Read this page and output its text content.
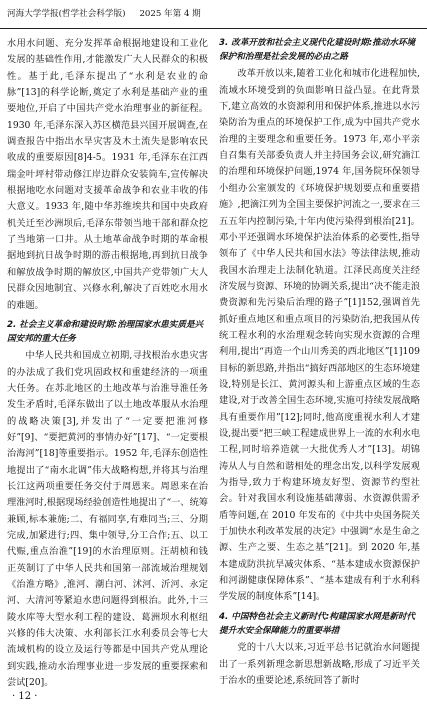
河海大学学报(哲学社会科学版) 2025 年第 4 期

水用水问题、充分发挥革命根据地建设和工业化发展的基础性作用,才能激发广大人民群众的积极性。基于此,毛泽东提出了“水利是农业的命脉”[13]的科学论断,奠定了水利是基础产业的重要地位,开启了中国共产党水治理事业的新征程。1930 年,毛泽东深入苏区横范县兴国开展调查,在调查报告中指出水旱灾害及木土流失是影响农民收成的重要原因[8]4-5。1931 年,毛泽东在江西瑞金叶坪村带动修江岸边群众安装筒车,宣传解决根据地吃水问题对支援革命战争和农业丰收的伟大意义。1933 年,随中华苏维埃共和国中央政府机关迁至沙洲坝后,毛泽东带领当地干部和群众挖了当地第一口井。从土地革命战争时期的革命根据地到抗日战争时期的游击根据地,再到抗日战争和解放战争时期的解放区,中国共产党带领广大人民群众因地制宜、兴修水利,解决了百姓吃水用水的难题。

2. 社会主义革命和建设时期:治理国家水患实质是兴国安邦的重大任务

中华人民共和国成立初期,寻找根治水患灾害的办法成了我们党巩固政权和重建经济的一项重大任务。在苏北地区的土地改革与治淮导淮任务发生矛盾时,毛泽东做出了以土地改革服从水治理的战略决策[3],并发出了“一定要把淮河修好”[9]、“要把黄河的事情办好”[17]、“一定要根治海河”[18]等重要指示。1952 年,毛泽东创造性地提出了“南水北调”伟大战略构想,并将其与治理长江这两项重要任务交付于周恩来。周恩来在治理淮河时,根据现场经验创造性地提出了“一、统筹兼顾,标本兼施;二、有福同享,有难同当;三、分期完成,加紧进行;四、集中领导,分工合作;五、以工代赈,重点治淮”[19]的水治理原则。汪胡桢和钱正英制订了中华人民共和国第一部流域治理规划《治淮方略》,淮河、潮白河、沭河、沂河、永定河、大清河等紧迫水患问题得到根治。此外,十三陵水库等大型水利工程的建设、葛洲坝水利枢纽兴修的伟大决策、水利部长江水利委员会等七大流域机构的设立及运行等都是中国共产党从理论到实践,推动水治理事业进一步发展的重要探索和尝试[20]。

3. 改革开放和社会主义现代化建设时期:推动水环境保护和治理是社会发展的必由之路

改革开放以来,随着工业化和城市化进程加快,流域水环境受到的负面影响日益凸显。在此背景下,建立高效的水资源利用和保护体系,推进以水污染防治为重点的环境保护工作,成为中国共产党水治理的主要理念和重要任务。1973 年,邓小平亲自召集有关部委负责人并主持国务会议,研究滴江的治理和环境保护问题,1974 年,国务院环保领导小组办公室颁发的《环境保护规划要点和重要措施》,把滴江列为全国主要保护河流之一,要求在三五五年内控制污染,十年内使污染得到根治[21]。邓小平还强调水环境保护法治体系的必要性,指导领布了《中华人民共和国水法》等法律法规,推动我国水治理走上法制化轨道。江泽民高度关注经济发展与资源、环境的协调关系,提出“决不能走浪费资源和先污染后治理的路子”[1]152,强调首先抓好重点地区和重点项目的污染防治,把我国从传统工程水利的水治理观念转向实现水资源的合理利用,提出“再造一个山川秀美的西北地区”[1]109目标的新思路,并指出“搞好西部地区的生态环境建设,特别是长江、黄河源头和上游重点区域的生态建设,对于改善全国生态环境,实施可持续发展战略具有重要作用”[12];同时,他高度重视水利人才建设,提出要“把三峡工程建成世界上一流的水利水电工程,同时培养造就一大批优秀人才”[13]。胡锦涛从人与自然和谐相处的理念出发,以科学发展观为指导,致力于构建环境友好型、资源节约型社会。针对我国水利设施基础薄弱、水资源供需矛盾等问题,在 2010 年发布的《中共中央国务院关于加快水利改革发展的决定》中强调“水是生命之源、生产之要、生态之基”[21]。到 2020 年,基本建成防洪抗旱减灾体系、“基本建成水资源保护和河湖健康保障体系”、“基本建成有利于水利科学发展的制度体系”[14]。

4. 中国特色社会主义新时代:构建国家水网是新时代提升水安全保障能力的重要举措

党的十八大以来,习近平总书记就治水问题提出了一系列新理念新思想新战略,形成了习近平关于治水的重要论述,系统回答了新时

· 12 ·
